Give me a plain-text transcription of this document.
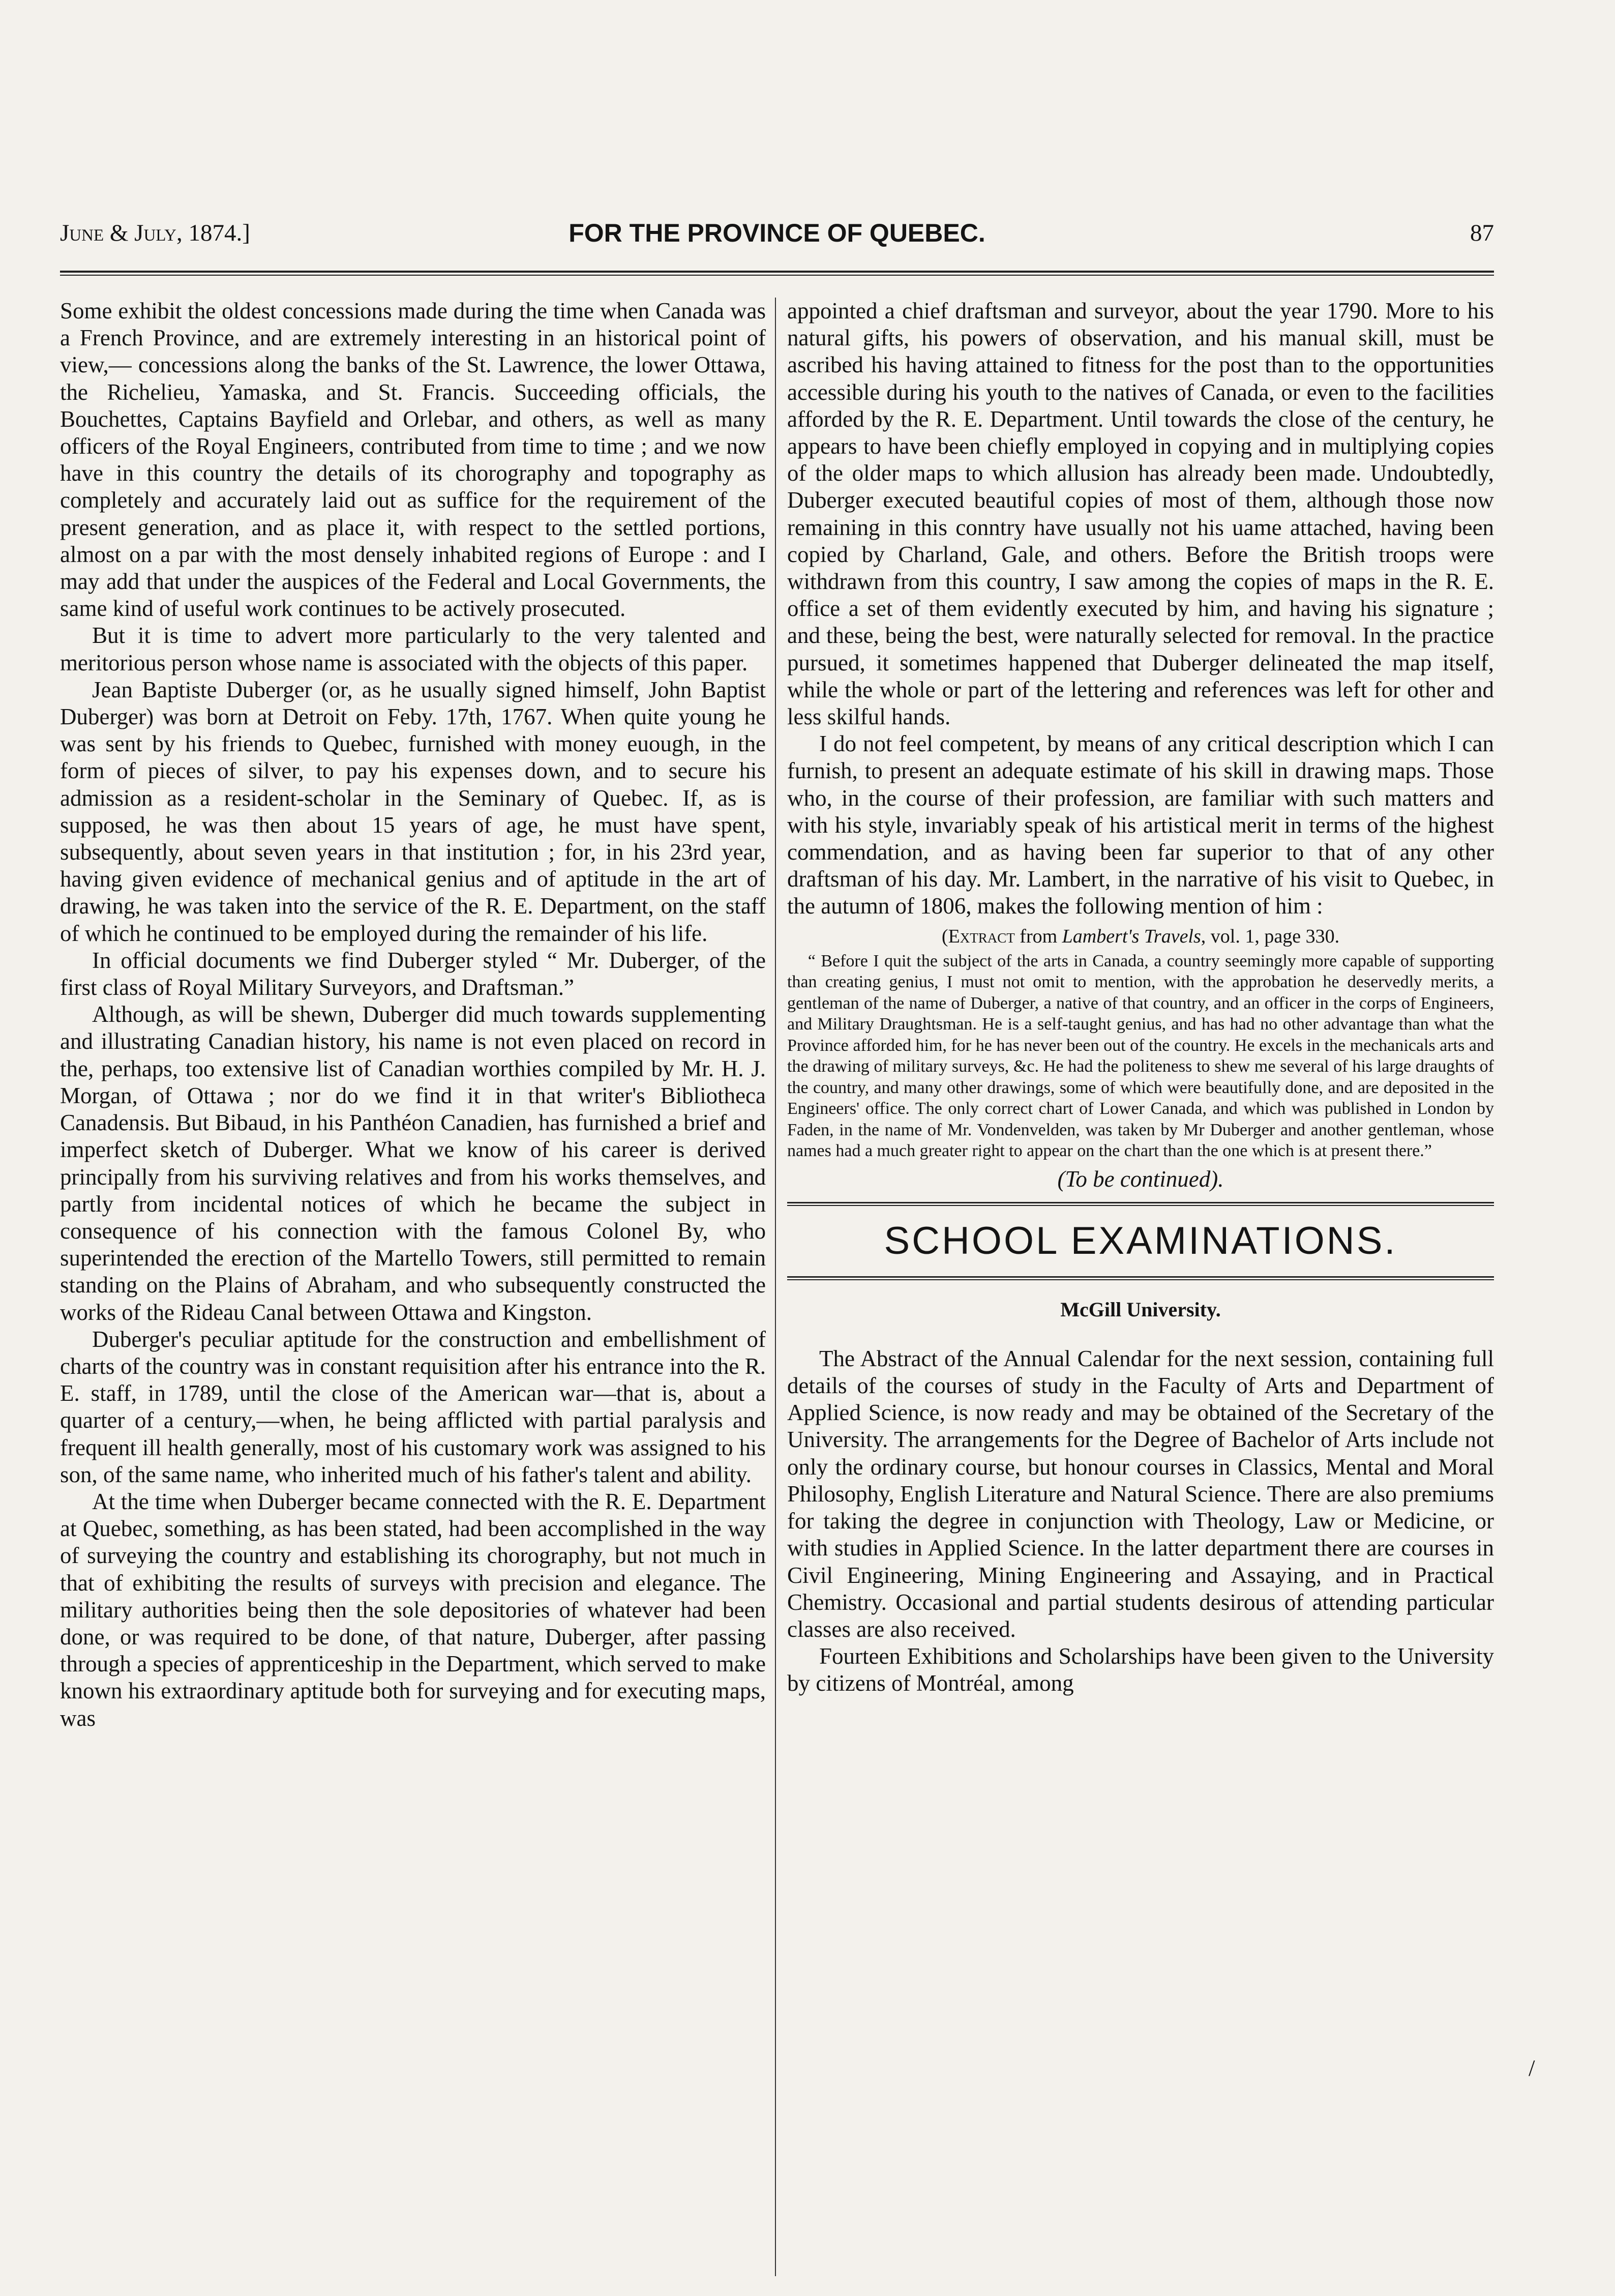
June & July, 1874.]	FOR THE PROVINCE OF QUEBEC.	87

Some exhibit the oldest concessions made during the time when Canada was a French Province, and are extremely interesting in an historical point of view,— concessions along the banks of the St. Lawrence, the lower Ottawa, the Richelieu, Yamaska, and St. Francis. Succeeding officials, the Bouchettes, Captains Bayfield and Orlebar, and others, as well as many officers of the Royal Engineers, contributed from time to time ; and we now have in this country the details of its chorography and topography as completely and accurately laid out as suffice for the requirement of the present generation, and as place it, with respect to the settled portions, almost on a par with the most densely inhabited regions of Europe : and I may add that under the auspices of the Federal and Local Governments, the same kind of useful work continues to be actively prosecuted.

But it is time to advert more particularly to the very talented and meritorious person whose name is associated with the objects of this paper.

Jean Baptiste Duberger (or, as he usually signed himself, John Baptist Duberger) was born at Detroit on Feby. 17th, 1767. When quite young he was sent by his friends to Quebec, furnished with money euough, in the form of pieces of silver, to pay his expenses down, and to secure his admission as a resident-scholar in the Seminary of Quebec. If, as is supposed, he was then about 15 years of age, he must have spent, subsequently, about seven years in that institution ; for, in his 23rd year, having given evidence of mechanical genius and of aptitude in the art of drawing, he was taken into the service of the R. E. Department, on the staff of which he continued to be employed during the remainder of his life.

In official documents we find Duberger styled “ Mr. Duberger, of the first class of Royal Military Surveyors, and Draftsman.”

Although, as will be shewn, Duberger did much towards supplementing and illustrating Canadian history, his name is not even placed on record in the, perhaps, too extensive list of Canadian worthies compiled by Mr. H. J. Morgan, of Ottawa ; nor do we find it in that writer's Bibliotheca Canadensis. But Bibaud, in his Panthéon Canadien, has furnished a brief and imperfect sketch of Duberger. What we know of his career is derived principally from his surviving relatives and from his works themselves, and partly from incidental notices of which he became the subject in consequence of his connection with the famous Colonel By, who superintended the erection of the Martello Towers, still permitted to remain standing on the Plains of Abraham, and who subsequently constructed the works of the Rideau Canal between Ottawa and Kingston.

Duberger's peculiar aptitude for the construction and embellishment of charts of the country was in constant requisition after his entrance into the R. E. staff, in 1789, until the close of the American war—that is, about a quarter of a century,—when, he being afflicted with partial paralysis and frequent ill health generally, most of his customary work was assigned to his son, of the same name, who inherited much of his father's talent and ability.

At the time when Duberger became connected with the R. E. Department at Quebec, something, as has been stated, had been accomplished in the way of surveying the country and establishing its chorography, but not much in that of exhibiting the results of surveys with precision and elegance. The military authorities being then the sole depositories of whatever had been done, or was required to be done, of that nature, Duberger, after passing through a species of apprenticeship in the Department, which served to make known his extraordinary aptitude both for surveying and for executing maps, was

appointed a chief draftsman and surveyor, about the year 1790. More to his natural gifts, his powers of observation, and his manual skill, must be ascribed his having attained to fitness for the post than to the opportunities accessible during his youth to the natives of Canada, or even to the facilities afforded by the R. E. Department. Until towards the close of the century, he appears to have been chiefly employed in copying and in multiplying copies of the older maps to which allusion has already been made. Undoubtedly, Duberger executed beautiful copies of most of them, although those now remaining in this conntry have usually not his uame attached, having been copied by Charland, Gale, and others. Before the British troops were withdrawn from this country, I saw among the copies of maps in the R. E. office a set of them evidently executed by him, and having his signature ; and these, being the best, were naturally selected for removal. In the practice pursued, it sometimes happened that Duberger delineated the map itself, while the whole or part of the lettering and references was left for other and less skilful hands.

I do not feel competent, by means of any critical description which I can furnish, to present an adequate estimate of his skill in drawing maps. Those who, in the course of their profession, are familiar with such matters and with his style, invariably speak of his artistical merit in terms of the highest commendation, and as having been far superior to that of any other draftsman of his day. Mr. Lambert, in the narrative of his visit to Quebec, in the autumn of 1806, makes the following mention of him :

(Extract from Lambert's Travels, vol. 1, page 330.

“ Before I quit the subject of the arts in Canada, a country seemingly more capable of supporting than creating genius, I must not omit to mention, with the approbation he deservedly merits, a gentleman of the name of Duberger, a native of that country, and an officer in the corps of Engineers, and Military Draughtsman. He is a self-taught genius, and has had no other advantage than what the Province afforded him, for he has never been out of the country. He excels in the mechanicals arts and the drawing of military surveys, &c. He had the politeness to shew me several of his large draughts of the country, and many other drawings, some of which were beautifully done, and are deposited in the Engineers' office. The only correct chart of Lower Canada, and which was published in London by Faden, in the name of Mr. Vondenvelden, was taken by Mr Duberger and another gentleman, whose names had a much greater right to appear on the chart than the one which is at present there.”

(To be continued).
SCHOOL EXAMINATIONS.
McGill University.

The Abstract of the Annual Calendar for the next session, containing full details of the courses of study in the Faculty of Arts and Department of Applied Science, is now ready and may be obtained of the Secretary of the University. The arrangements for the Degree of Bachelor of Arts include not only the ordinary course, but honour courses in Classics, Mental and Moral Philosophy, English Literature and Natural Science. There are also premiums for taking the degree in conjunction with Theology, Law or Medicine, or with studies in Applied Science. In the latter department there are courses in Civil Engineering, Mining Engineering and Assaying, and in Practical Chemistry. Occasional and partial students desirous of attending particular classes are also received.

Fourteen Exhibitions and Scholarships have been given to the University by citizens of Montréal, among

/
